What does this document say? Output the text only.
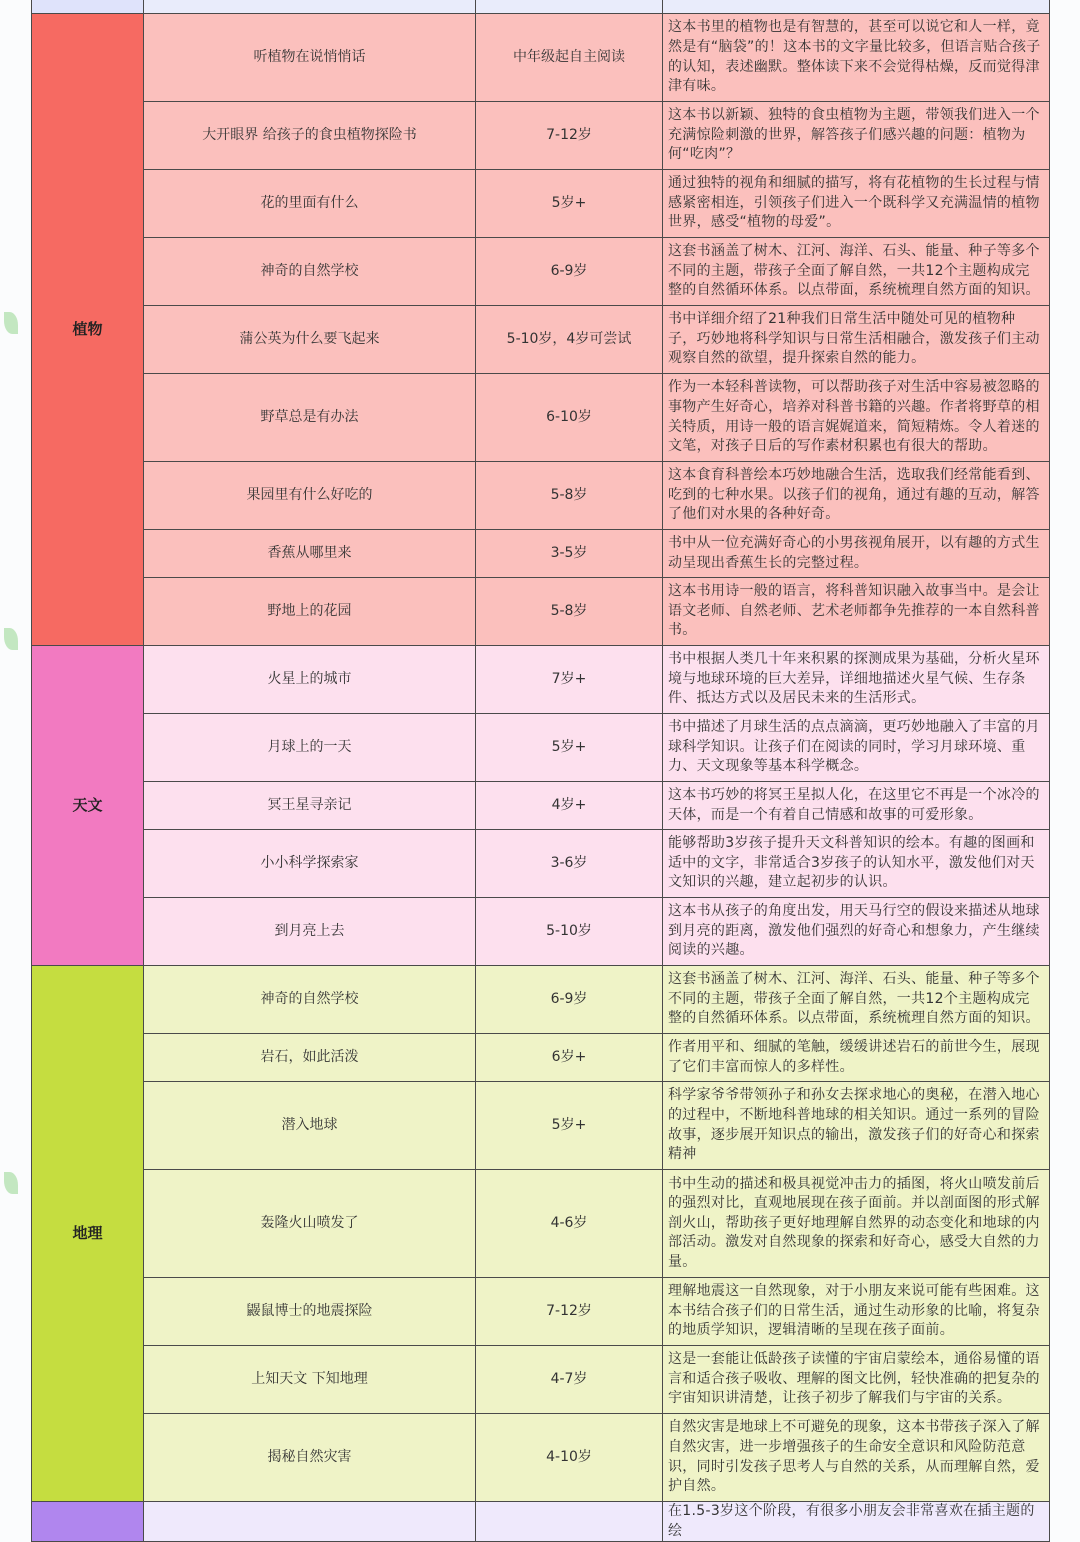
植物	听植物在说悄悄话	中年级起自主阅读	这本书里的植物也是有智慧的，甚至可以说它和人一样，竟然是有“脑袋”的！这本书的文字量比较多，但语言贴合孩子的认知，表述幽默。整体读下来不会觉得枯燥，反而觉得津津有味。
	大开眼界 给孩子的食虫植物探险书	7-12岁	这本书以新颖、独特的食虫植物为主题，带领我们进入一个充满惊险刺激的世界，解答孩子们感兴趣的问题：植物为何“吃肉”？
	花的里面有什么	5岁+	通过独特的视角和细腻的描写，将有花植物的生长过程与情感紧密相连，引领孩子们进入一个既科学又充满温情的植物世界，感受“植物的母爱”。
	神奇的自然学校	6-9岁	这套书涵盖了树木、江河、海洋、石头、能量、种子等多个不同的主题，带孩子全面了解自然，一共12个主题构成完整的自然循环体系。以点带面，系统梳理自然方面的知识。
	蒲公英为什么要飞起来	5-10岁，4岁可尝试	书中详细介绍了21种我们日常生活中随处可见的植物种子，巧妙地将科学知识与日常生活相融合，激发孩子们主动观察自然的欲望，提升探索自然的能力。
	野草总是有办法	6-10岁	作为一本轻科普读物，可以帮助孩子对生活中容易被忽略的事物产生好奇心，培养对科普书籍的兴趣。作者将野草的相关特质，用诗一般的语言娓娓道来，简短精炼。令人着迷的文笔，对孩子日后的写作素材积累也有很大的帮助。
	果园里有什么好吃的	5-8岁	这本食育科普绘本巧妙地融合生活，选取我们经常能看到、吃到的七种水果。以孩子们的视角，通过有趣的互动，解答了他们对水果的各种好奇。
	香蕉从哪里来	3-5岁	书中从一位充满好奇心的小男孩视角展开，以有趣的方式生动呈现出香蕉生长的完整过程。
	野地上的花园	5-8岁	这本书用诗一般的语言，将科普知识融入故事当中。是会让语文老师、自然老师、艺术老师都争先推荐的一本自然科普书。
天文	火星上的城市	7岁+	书中根据人类几十年来积累的探测成果为基础，分析火星环境与地球环境的巨大差异，详细地描述火星气候、生存条件、抵达方式以及居民未来的生活形式。
	月球上的一天	5岁+	书中描述了月球生活的点点滴滴，更巧妙地融入了丰富的月球科学知识。让孩子们在阅读的同时，学习月球环境、重力、天文现象等基本科学概念。
	冥王星寻亲记	4岁+	这本书巧妙的将冥王星拟人化，在这里它不再是一个冰冷的天体，而是一个有着自己情感和故事的可爱形象。
	小小科学探索家	3-6岁	能够帮助3岁孩子提升天文科普知识的绘本。有趣的图画和适中的文字，非常适合3岁孩子的认知水平，激发他们对天文知识的兴趣，建立起初步的认识。
	到月亮上去	5-10岁	这本书从孩子的角度出发，用天马行空的假设来描述从地球到月亮的距离，激发他们强烈的好奇心和想象力，产生继续阅读的兴趣。
地理	神奇的自然学校	6-9岁	这套书涵盖了树木、江河、海洋、石头、能量、种子等多个不同的主题，带孩子全面了解自然，一共12个主题构成完整的自然循环体系。以点带面，系统梳理自然方面的知识。
	岩石，如此活泼	6岁+	作者用平和、细腻的笔触，缓缓讲述岩石的前世今生，展现了它们丰富而惊人的多样性。
	潜入地球	5岁+	科学家爷爷带领孙子和孙女去探求地心的奥秘，在潜入地心的过程中，不断地科普地球的相关知识。通过一系列的冒险故事，逐步展开知识点的输出，激发孩子们的好奇心和探索精神
	轰隆火山喷发了	4-6岁	书中生动的描述和极具视觉冲击力的插图，将火山喷发前后的强烈对比，直观地展现在孩子面前。并以剖面图的形式解剖火山，帮助孩子更好地理解自然界的动态变化和地球的内部活动。激发对自然现象的探索和好奇心，感受大自然的力量。
	鼹鼠博士的地震探险	7-12岁	理解地震这一自然现象，对于小朋友来说可能有些困难。这本书结合孩子们的日常生活，通过生动形象的比喻，将复杂的地质学知识，逻辑清晰的呈现在孩子面前。
	上知天文 下知地理	4-7岁	这是一套能让低龄孩子读懂的宇宙启蒙绘本，通俗易懂的语言和适合孩子吸收、理解的图文比例，轻快准确的把复杂的宇宙知识讲清楚，让孩子初步了解我们与宇宙的关系。
	揭秘自然灾害	4-10岁	自然灾害是地球上不可避免的现象，这本书带孩子深入了解自然灾害，进一步增强孩子的生命安全意识和风险防范意识，同时引发孩子思考人与自然的关系，从而理解自然，爱护自然。
			在1.5-3岁这个阶段，有很多小朋友会非常喜欢在插主题的绘
